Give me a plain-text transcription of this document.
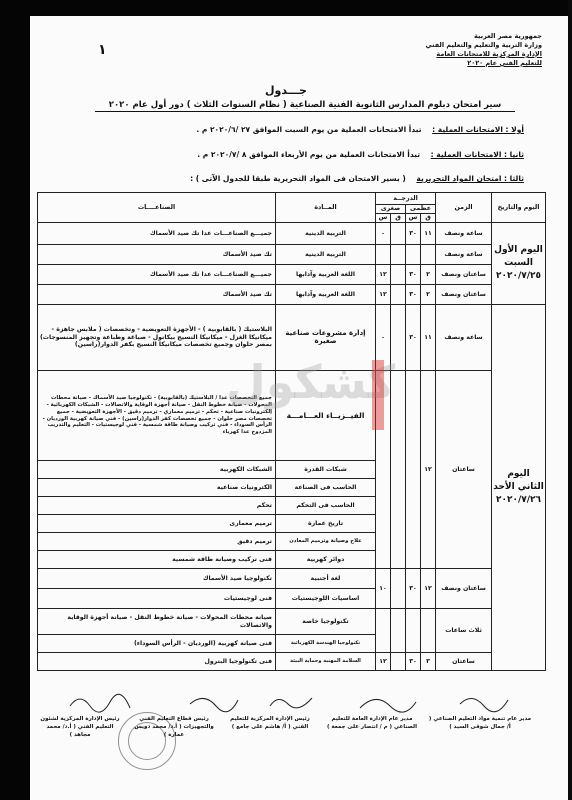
جمهورية مصر العربية
وزارة التربية والتعليم والتعليم الفني
الإدارة المركزية للامتحانات العامة
للتعليم الفني عام ٢٠٢٠
١
جـــدول
سير امتحان دبلوم المدارس الثانوية الفنية الصناعية ( نظام السنوات الثلاث ) دور أول عام ٢٠٢٠
أولا : الامتحانات العملية : تبدأ الامتحانات العملية من يوم السبت الموافق ٢٧ /٢٠٢٠/٦ م .
ثانيا : الامتحانات العملية : تبدأ الامتحانات العملية من يوم الأربعاء الموافق ٨ /٢٠٢٠/٧ م .
ثالثا : امتحان المواد التحريرية ( بسير الامتحان فى المواد التحريرية طبقا للجدول الآتى ) :
اليوم والتاريخ	الزمن	الدرجــة				المــادة	الصناعــــات
		عظمى		صغرى			
		ق	س	ق	س		

اليوم الأول السبت
٢٠٢٠/٧/٢٥	ساعة ونصف	١١	٣٠		٠	التربية الدينية	جميـــع الصناعـــات عدا تك صيد الأسماك
	ساعة ونصف					التربية الدينية	تك صيد الأسماك
	ساعتان ونصف	٢	٣٠		١٢	اللغة العربية وآدابها	جميـــع الصناعـــات عدا تك صيد الأسماك
	ساعتان ونصف	٢	٣٠		١٢	اللغة العربية وآدابها	تك صيد الأسماك

اليوم الثاني الأحد
٢٠٢٠/٧/٢٦	ساعة ونصف	١١	٣٠		٠	إدارة مشروعات صناعية صغيرة	البلاستيك ( بالقابوبية ) - الأجهزة التعويضية - وتخصصات ( ملابس جاهزة - ميكانيكا الغزل - ميكانيكا النسيج بيكانول - صباغة وطباعة وتجهيز المنسوجات) بمصر حلوان وجميع تخصصات ميكانيكا النسيج بكفر الدوار(راسين)
	ساعتان	١٢				الفيــزيــاء العـــامـــة	جميع التخصصات عدا / البلاستيك (بالقابوبية) - تكنولوجيا صيد الأسماك - صيانة محطات المحولات - صيانة خطوط النقل - صيانة أجهزة الوقاية والاتصالات - الشبكات الكهربائية - إلكترونيات صناعية - تحكم - ترميم معماري - ترميم دقيق - الأجهزة التعويضية - جميع تخصصات مصر حلوان - جميع تخصصات كفر الدوار(راسين) - فني صيانة كهربية الورديان - الرأس السوداء - فني تركيب وصيانة طاقة شمسية - فني لوجيستيات - التعليم والتدريب المزدوج عدا كهرباء
						شبكات القدرة	الشبكات الكهربية
						الحاسب فى الصناعة	الكترونيات صناعية
						الحاسب فى التحكم	تحكم
						تاريخ عمارة	ترميم معمارى
						علاج وصيانة وترميم المعادن	ترميم دقيق
						دوائر كهربية	فنى تركيب وصيانة طاقة شمسية
	ساعتان ونصف	١٢	٣٠		١٠	لغة أجنبية	تكنولوجيا صيد الأسماك
						اساسيات اللوجيستيات	فنى لوجيستيات
	ثلاث ساعات					تكنولوجيا خاصة	صيانة محطات المحولات - صيانة خطوط النقل - صيانة أجهزة الوقاية والاتصالات
						تكنولوجيا الهندسة الكهربائية	فنى صيانة كهربية (الورديان - الرأس السوداء)
	ساعتان	٣	٣٠		١٢	السلامة المهنية وحماية البيئة	فنى تكنولوجيا البترول
كشكول
رئيس الإدارة المركزية لشئون التعليم الفني ( أ.د/ محمد مجاهد )
رئيس قطاع التعليم الفني والتجهيزات ( أ.د/ محمد دويس عمارة )
رئيس الإدارة المركزية للتعليم الفني ( أ/ هاشم على جامع )
مدير عام الإدارة العامة للتعليم الصناعي ( م / انتصار على جمعة )
مدير عام تنمية مواد التعليم الصناعي ( أ/ جمال شوقى السيد )
